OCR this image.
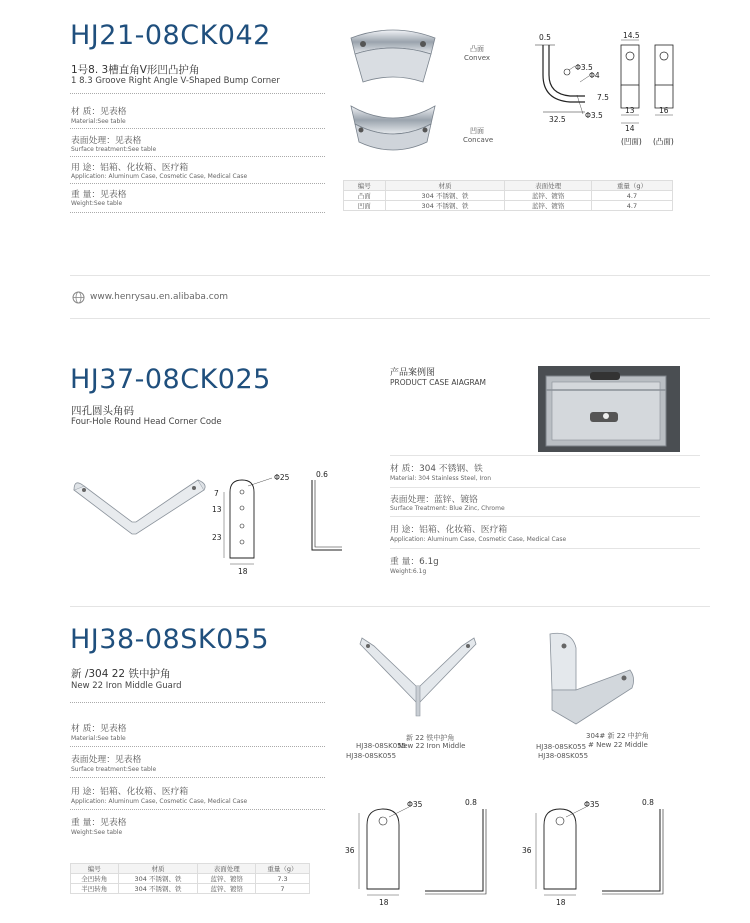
HJ21-08CK042
1号8. 3槽直角V形凹凸护角
1 8.3 Groove Right Angle V-Shaped Bump Corner
材 质：见表格
Material:See table
表面处理：见表格
Surface treatment:See table
用 途：铝箱、化妆箱、医疗箱
Application: Aluminum Case, Cosmetic Case, Medical Case
重 量：见表格
Weight:See table
凸面
Convex
凹面
Concave
0.5
Φ3.5
Φ4
7.5
Φ3.5
32.5
14.5
13	16
14
(凹面) (凸面)
编号	材质	表面处理	重量（g）
凸面	304 不锈钢、铁	蓝锌、镀铬	4.7
凹面	304 不锈钢、铁	蓝锌、镀铬	4.7
www.henrysau.en.alibaba.com
HJ37-08CK025
四孔圆头角码
Four-Hole Round Head Corner Code
Φ25
7
13
23
18
0.6
产品案例图
PRODUCT CASE AIAGRAM
材 质：304 不锈钢、铁
Material: 304 Stainless Steel, Iron
表面处理：蓝锌、镀铬
Surface Treatment: Blue Zinc, Chrome
用 途：铝箱、化妆箱、医疗箱
Application: Aluminum Case, Cosmetic Case, Medical Case
重 量：6.1g
Weight:6.1g
HJ38-08SK055
新 /304 22 铁中护角
New 22 Iron Middle Guard
材 质：见表格
Material:See table
表面处理：见表格
Surface treatment:See table
用 途：铝箱、化妆箱、医疗箱
Application: Aluminum Case, Cosmetic Case, Medical Case
重 量：见表格
Weight:See table
编号	材质	表面处理	重量（g）
全凹转角	304 不锈钢、铁	蓝锌、镀铬	7.3
半凹转角	304 不锈钢、铁	蓝锌、镀铬	7
新 22 铁中护角
New 22 Iron Middle
HJ38-08SK055
HJ38-08SK055
304# 新 22 中护角
# New 22 Middle
HJ38-08SK055
HJ38-08SK055
Φ35
36
18
0.8	Φ35
36
18
0.8
